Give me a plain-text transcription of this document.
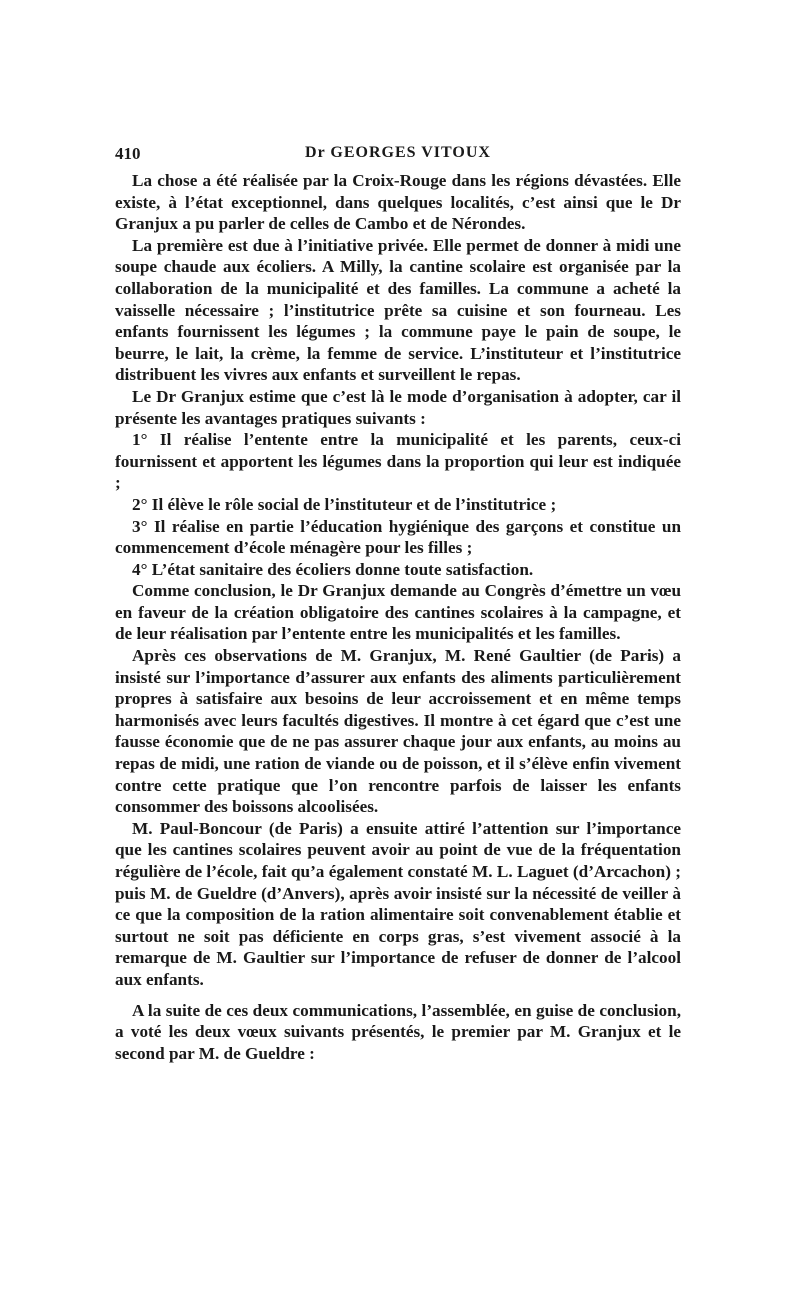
410	Dr GEORGES VITOUX

La chose a été réalisée par la Croix-Rouge dans les régions dévastées. Elle existe, à l’état exceptionnel, dans quelques localités, c’est ainsi que le Dr Granjux a pu parler de celles de Cambo et de Nérondes.

La première est due à l’initiative privée. Elle permet de donner à midi une soupe chaude aux écoliers. A Milly, la cantine scolaire est organisée par la collaboration de la municipalité et des familles. La commune a acheté la vaisselle nécessaire ; l’institutrice prête sa cuisine et son fourneau. Les enfants fournissent les légumes ; la commune paye le pain de soupe, le beurre, le lait, la crème, la femme de service. L’instituteur et l’institutrice distribuent les vivres aux enfants et surveillent le repas.

Le Dr Granjux estime que c’est là le mode d’organisation à adopter, car il présente les avantages pratiques suivants :

1° Il réalise l’entente entre la municipalité et les parents, ceux-ci fournissent et apportent les légumes dans la proportion qui leur est indiquée ;

2° Il élève le rôle social de l’instituteur et de l’institutrice ;

3° Il réalise en partie l’éducation hygiénique des garçons et constitue un commencement d’école ménagère pour les filles ;

4° L’état sanitaire des écoliers donne toute satisfaction.

Comme conclusion, le Dr Granjux demande au Congrès d’émettre un vœu en faveur de la création obligatoire des cantines scolaires à la campagne, et de leur réalisation par l’entente entre les municipalités et les familles.

Après ces observations de M. Granjux, M. René Gaultier (de Paris) a insisté sur l’importance d’assurer aux enfants des aliments particulièrement propres à satisfaire aux besoins de leur accroissement et en même temps harmonisés avec leurs facultés digestives. Il montre à cet égard que c’est une fausse économie que de ne pas assurer chaque jour aux enfants, au moins au repas de midi, une ration de viande ou de poisson, et il s’élève enfin vivement contre cette pratique que l’on rencontre parfois de laisser les enfants consommer des boissons alcoolisées.

M. Paul-Boncour (de Paris) a ensuite attiré l’attention sur l’importance que les cantines scolaires peuvent avoir au point de vue de la fréquentation régulière de l’école, fait qu’a également constaté M. L. Laguet (d’Arcachon) ; puis M. de Gueldre (d’Anvers), après avoir insisté sur la nécessité de veiller à ce que la composition de la ration alimentaire soit convenablement établie et surtout ne soit pas déficiente en corps gras, s’est vivement associé à la remarque de M. Gaultier sur l’importance de refuser de donner de l’alcool aux enfants.

A la suite de ces deux communications, l’assemblée, en guise de conclusion, a voté les deux vœux suivants présentés, le premier par M. Granjux et le second par M. de Gueldre :
